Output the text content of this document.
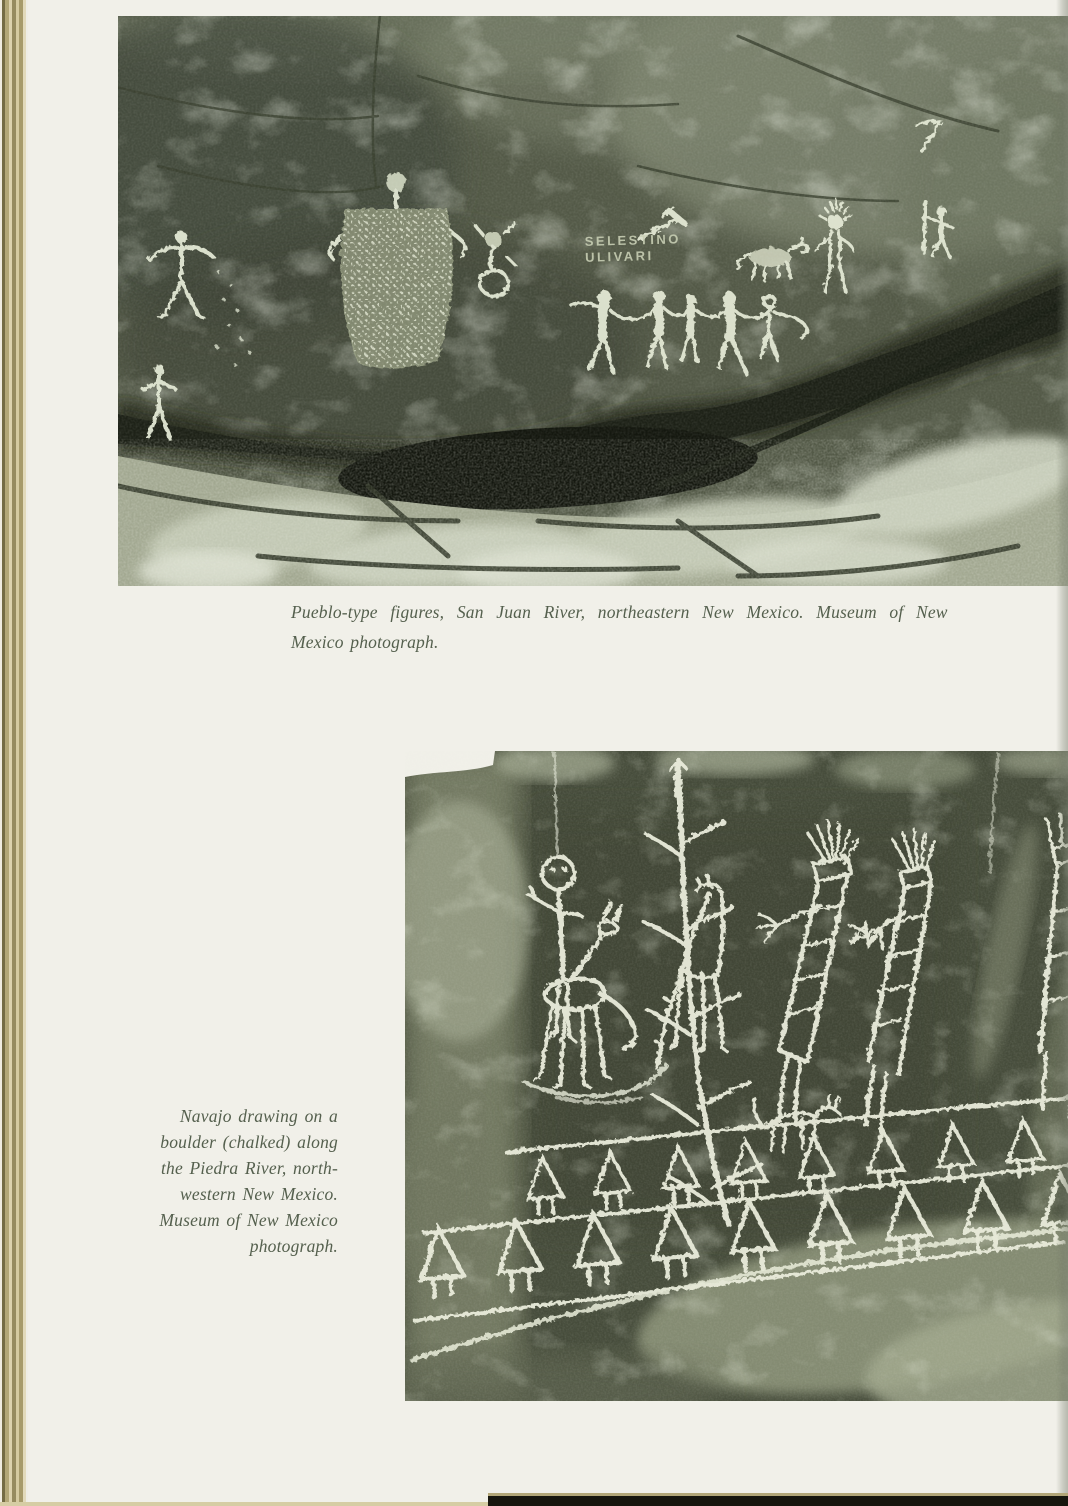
SELESTINO
ULIVARI

Pueblo-type figures, San Juan River, northeastern New Mexico. Museum of New
Mexico photograph.

Navajo drawing on a
boulder (chalked) along
the Piedra River, north-
western New Mexico.
Museum of New Mexico
photograph.
